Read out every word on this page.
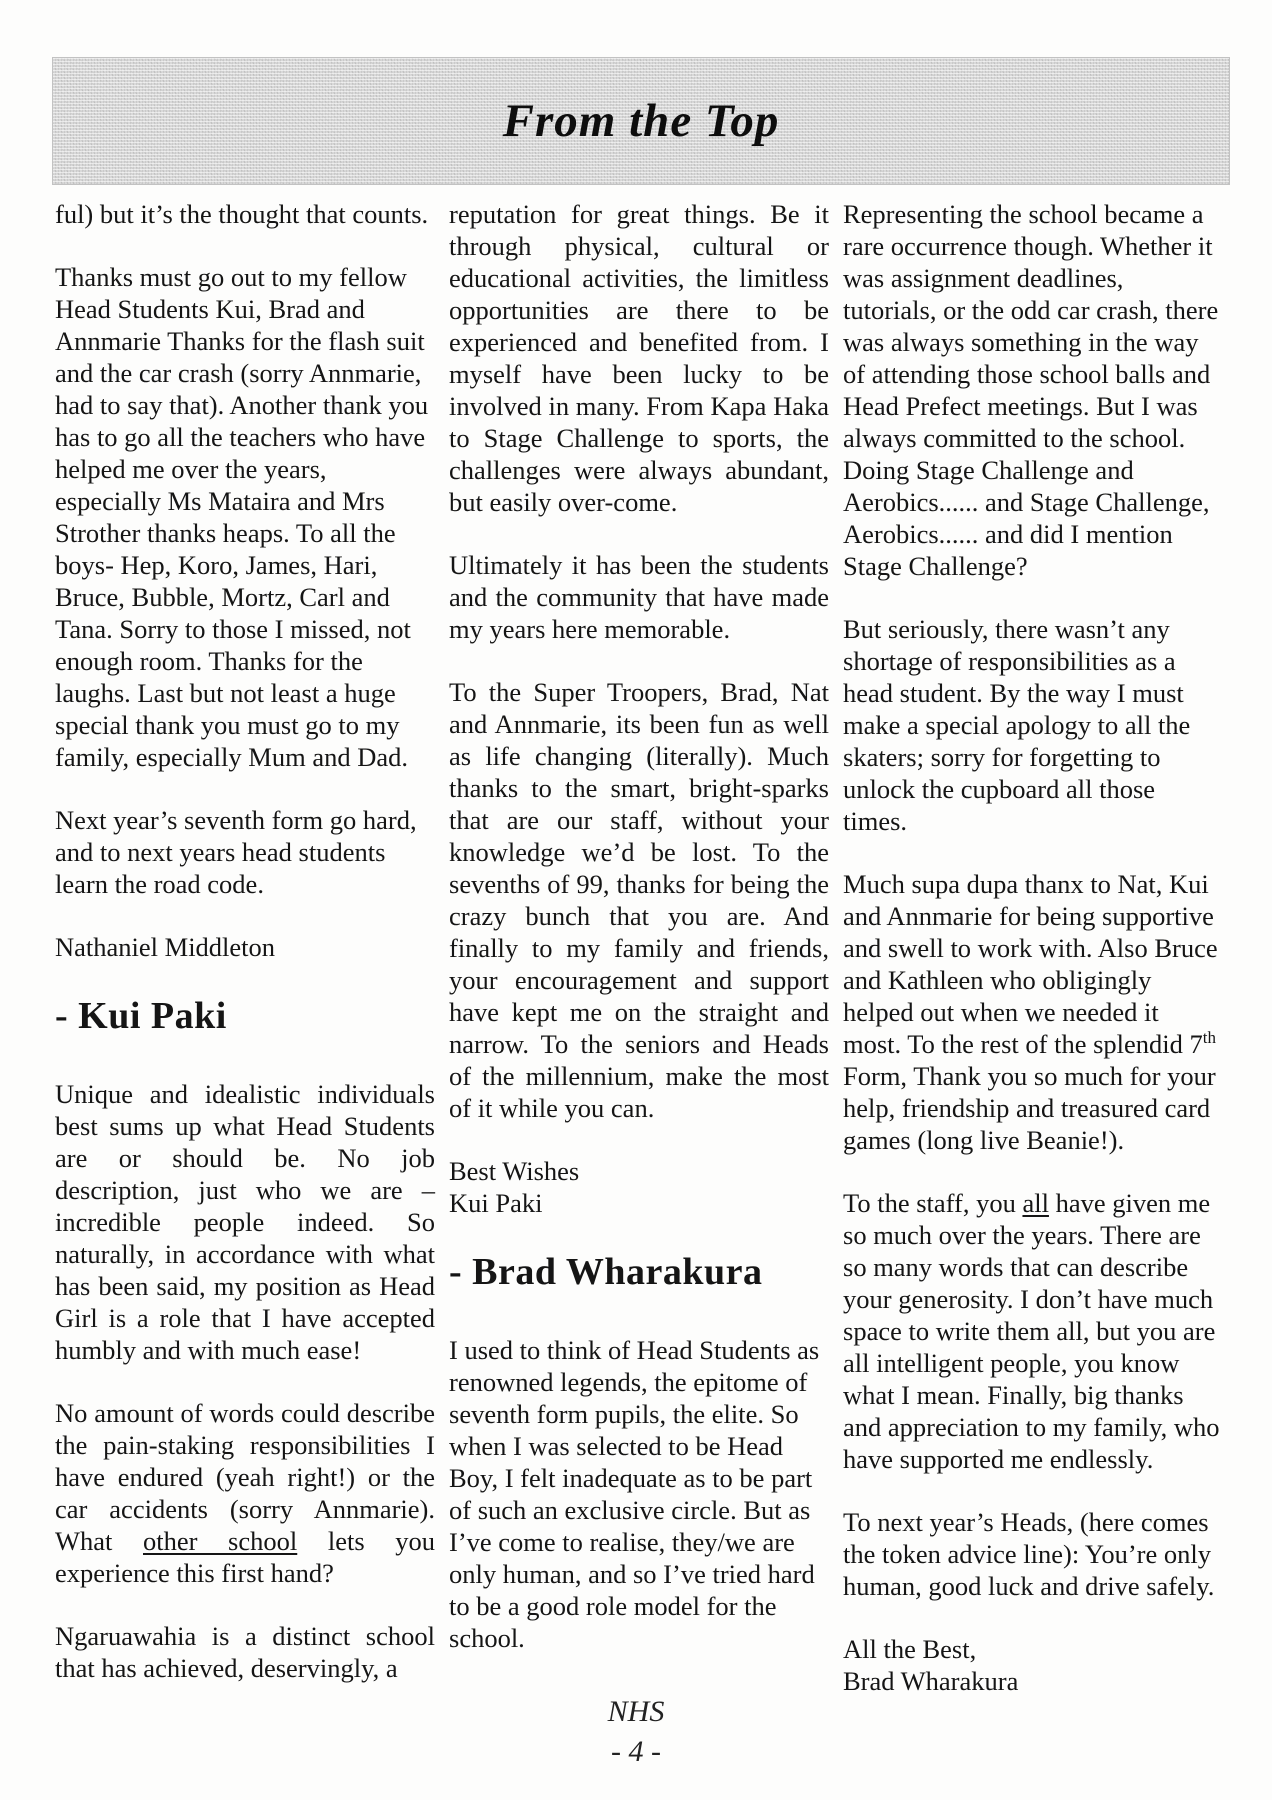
From the Top

ful) but it’s the thought that counts.

Thanks must go out to my fellow Head Students Kui, Brad and Annmarie Thanks for the flash suit and the car crash (sorry Annmarie, had to say that). Another thank you has to go all the teachers who have helped me over the years, especially Ms Mataira and Mrs Strother thanks heaps. To all the boys- Hep, Koro, James, Hari, Bruce, Bubble, Mortz, Carl and Tana. Sorry to those I missed, not enough room. Thanks for the laughs. Last but not least a huge special thank you must go to my family, especially Mum and Dad.

Next year’s seventh form go hard, and to next years head students learn the road code.

Nathaniel Middleton
- Kui Paki

Unique and idealistic individuals best sums up what Head Students are or should be. No job description, just who we are – incredible people indeed. So naturally, in accordance with what has been said, my position as Head Girl is a role that I have accepted humbly and with much ease!

No amount of words could describe the pain-staking responsibilities I have endured (yeah right!) or the car accidents (sorry Annmarie). What other school lets you experience this first hand?

Ngaruawahia is a distinct school that has achieved, deservingly, a

reputation for great things. Be it through physical, cultural or educational activities, the limitless opportunities are there to be experienced and benefited from. I myself have been lucky to be involved in many. From Kapa Haka to Stage Challenge to sports, the challenges were always abundant, but easily over-come.

Ultimately it has been the students and the community that have made my years here memorable.

To the Super Troopers, Brad, Nat and Annmarie, its been fun as well as life changing (literally). Much thanks to the smart, bright-sparks that are our staff, without your knowledge we’d be lost. To the sevenths of 99, thanks for being the crazy bunch that you are. And finally to my family and friends, your encouragement and support have kept me on the straight and narrow. To the seniors and Heads of the millennium, make the most of it while you can.

Best Wishes
Kui Paki
- Brad Wharakura

I used to think of Head Students as renowned legends, the epitome of seventh form pupils, the elite. So when I was selected to be Head Boy, I felt inadequate as to be part of such an exclusive circle. But as I’ve come to realise, they/we are only human, and so I’ve tried hard to be a good role model for the school.

Representing the school became a rare occurrence though. Whether it was assignment deadlines, tutorials, or the odd car crash, there was always something in the way of attending those school balls and Head Prefect meetings. But I was always committed to the school. Doing Stage Challenge and Aerobics...... and Stage Challenge, Aerobics...... and did I mention Stage Challenge?

But seriously, there wasn’t any shortage of responsibilities as a head student. By the way I must make a special apology to all the skaters; sorry for forgetting to unlock the cupboard all those times.

Much supa dupa thanx to Nat, Kui and Annmarie for being supportive and swell to work with. Also Bruce and Kathleen who obligingly helped out when we needed it most. To the rest of the splendid 7th Form, Thank you so much for your help, friendship and treasured card games (long live Beanie!).

To the staff, you all have given me so much over the years. There are so many words that can describe your generosity. I don’t have much space to write them all, but you are all intelligent people, you know what I mean. Finally, big thanks and appreciation to my family, who have supported me endlessly.

To next year’s Heads, (here comes the token advice line): You’re only human, good luck and drive safely.

All the Best,
Brad Wharakura
NHS
- 4 -
